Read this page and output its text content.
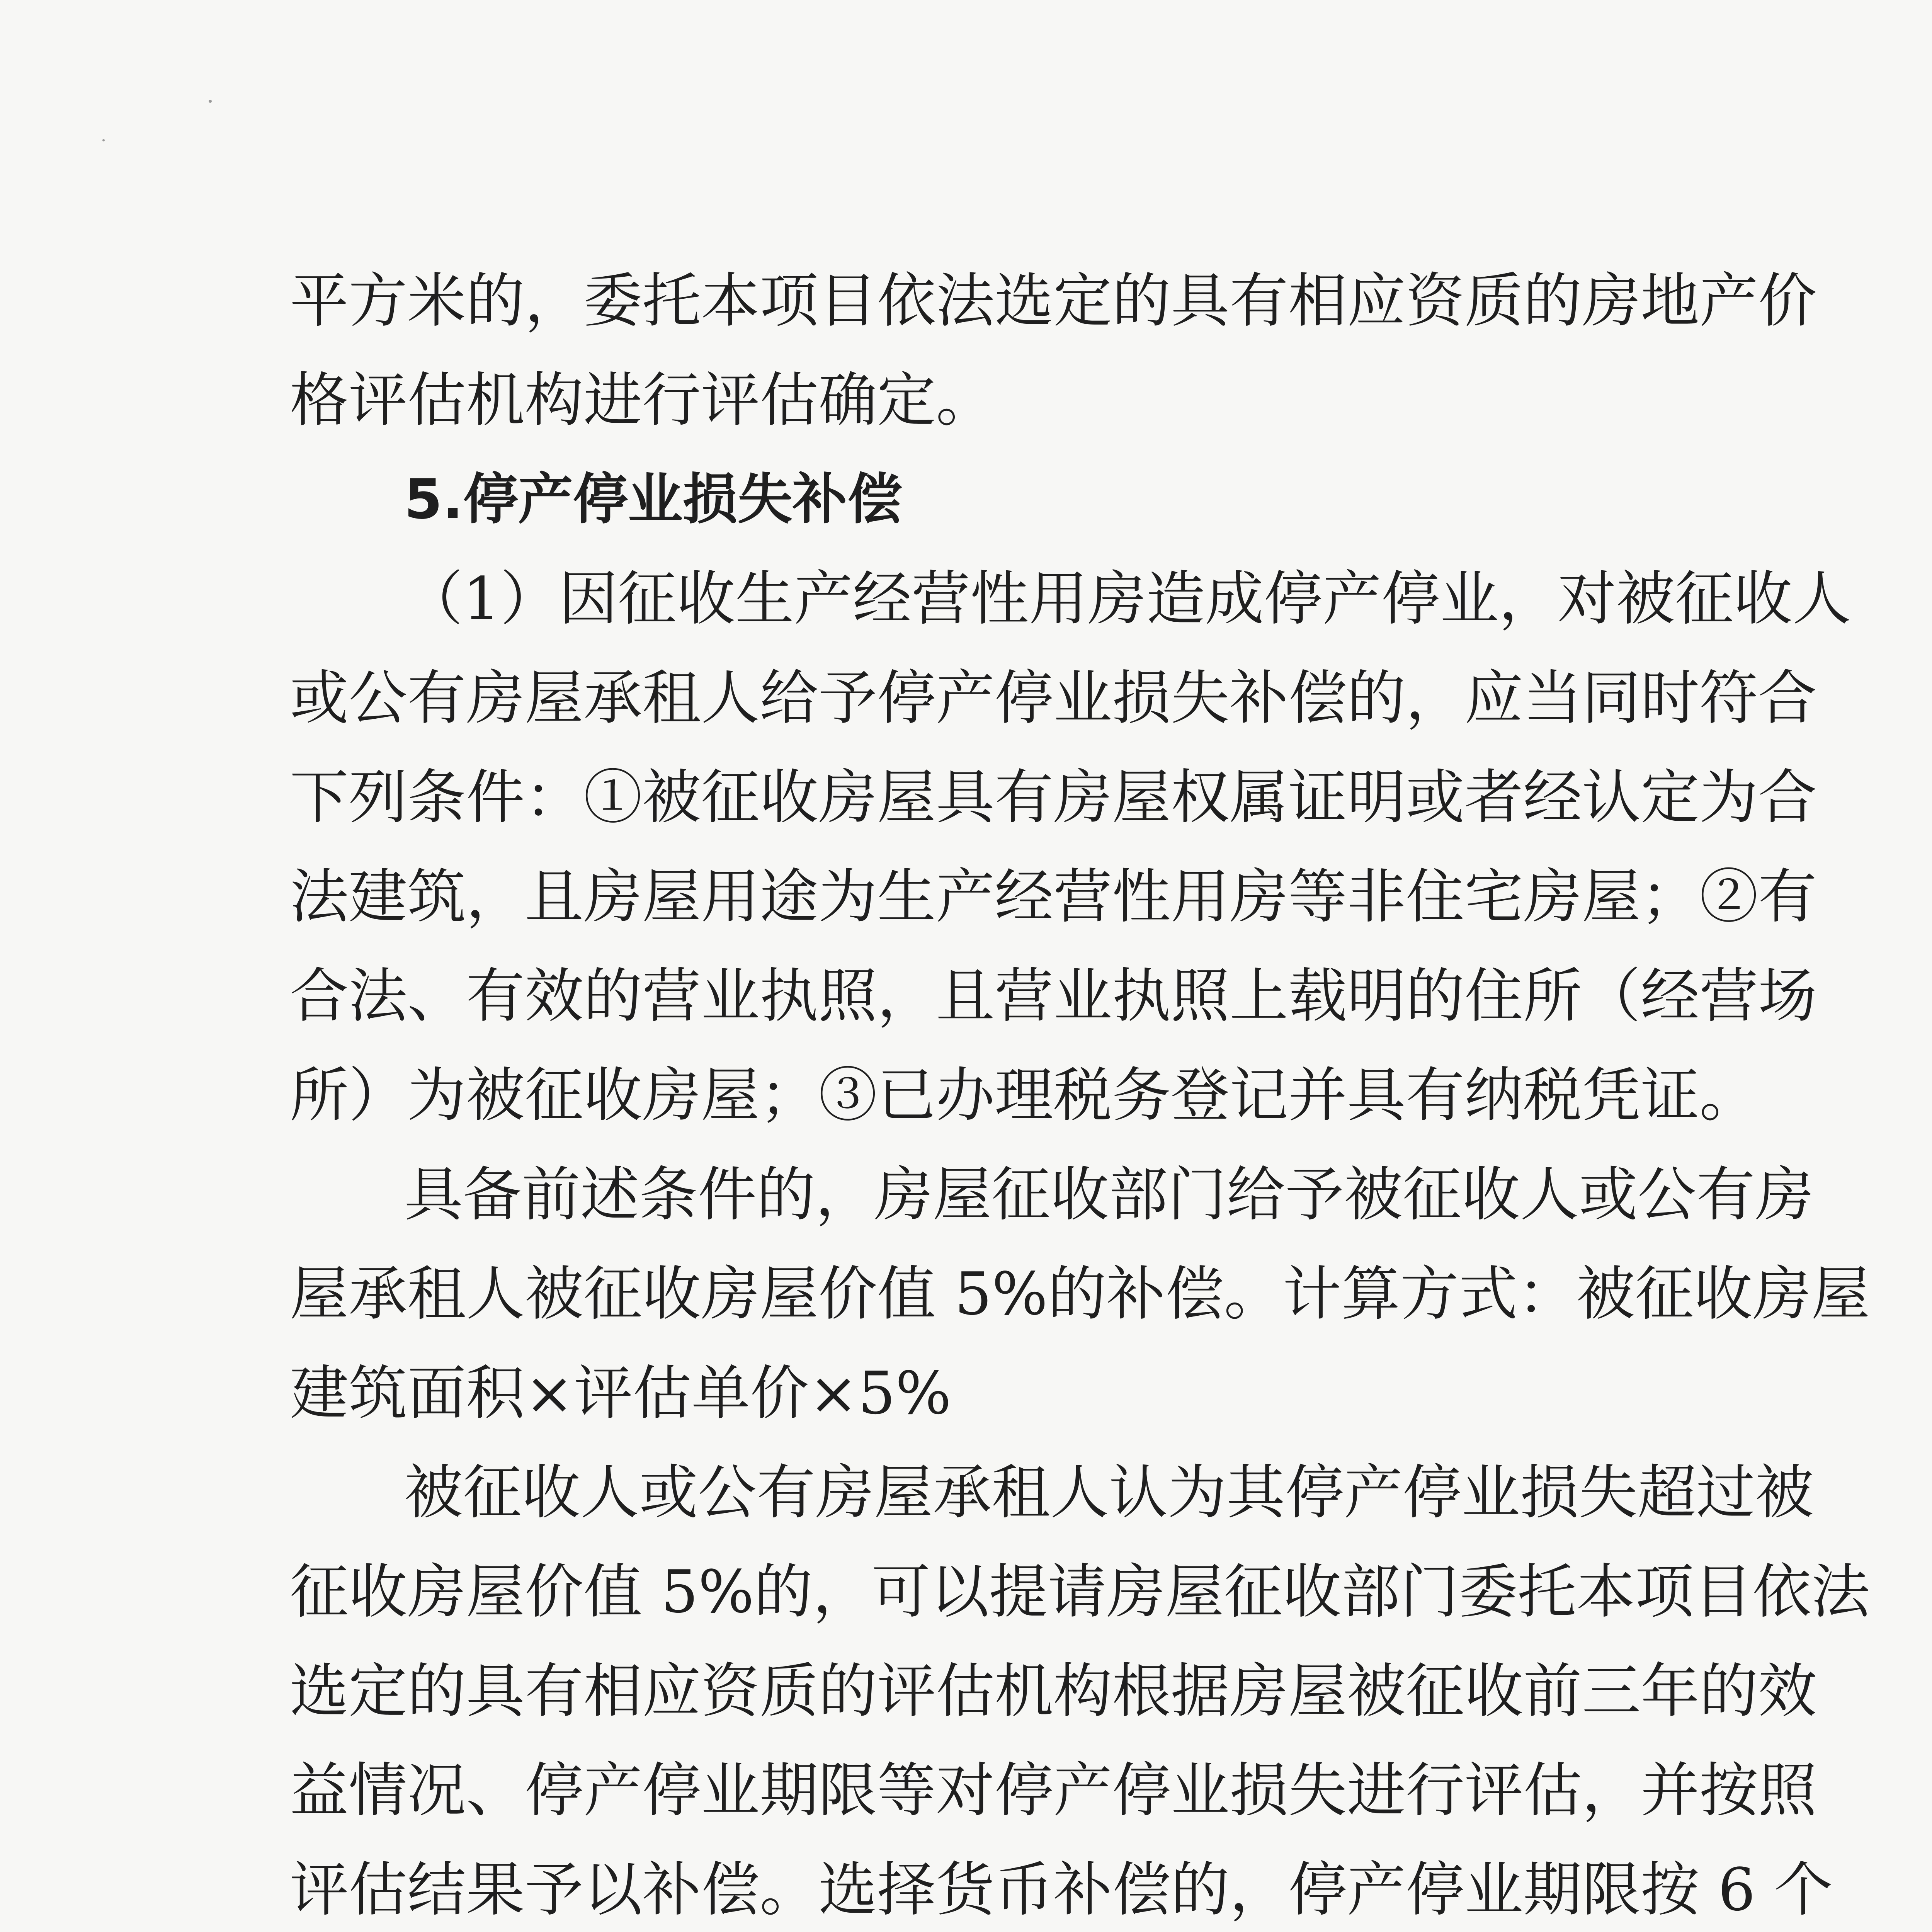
平方米的，委托本项目依法选定的具有相应资质的房地产价
格评估机构进行评估确定。
5.停产停业损失补偿
（1）因征收生产经营性用房造成停产停业，对被征收人
或公有房屋承租人给予停产停业损失补偿的，应当同时符合
下列条件：①被征收房屋具有房屋权属证明或者经认定为合
法建筑，且房屋用途为生产经营性用房等非住宅房屋；②有
合法、有效的营业执照，且营业执照上载明的住所（经营场
所）为被征收房屋；③已办理税务登记并具有纳税凭证。
具备前述条件的，房屋征收部门给予被征收人或公有房
屋承租人被征收房屋价值 5%的补偿。计算方式：被征收房屋
建筑面积×评估单价×5%
被征收人或公有房屋承租人认为其停产停业损失超过被
征收房屋价值 5%的，可以提请房屋征收部门委托本项目依法
选定的具有相应资质的评估机构根据房屋被征收前三年的效
益情况、停产停业期限等对停产停业损失进行评估，并按照
评估结果予以补偿。选择货币补偿的，停产停业期限按 6 个
